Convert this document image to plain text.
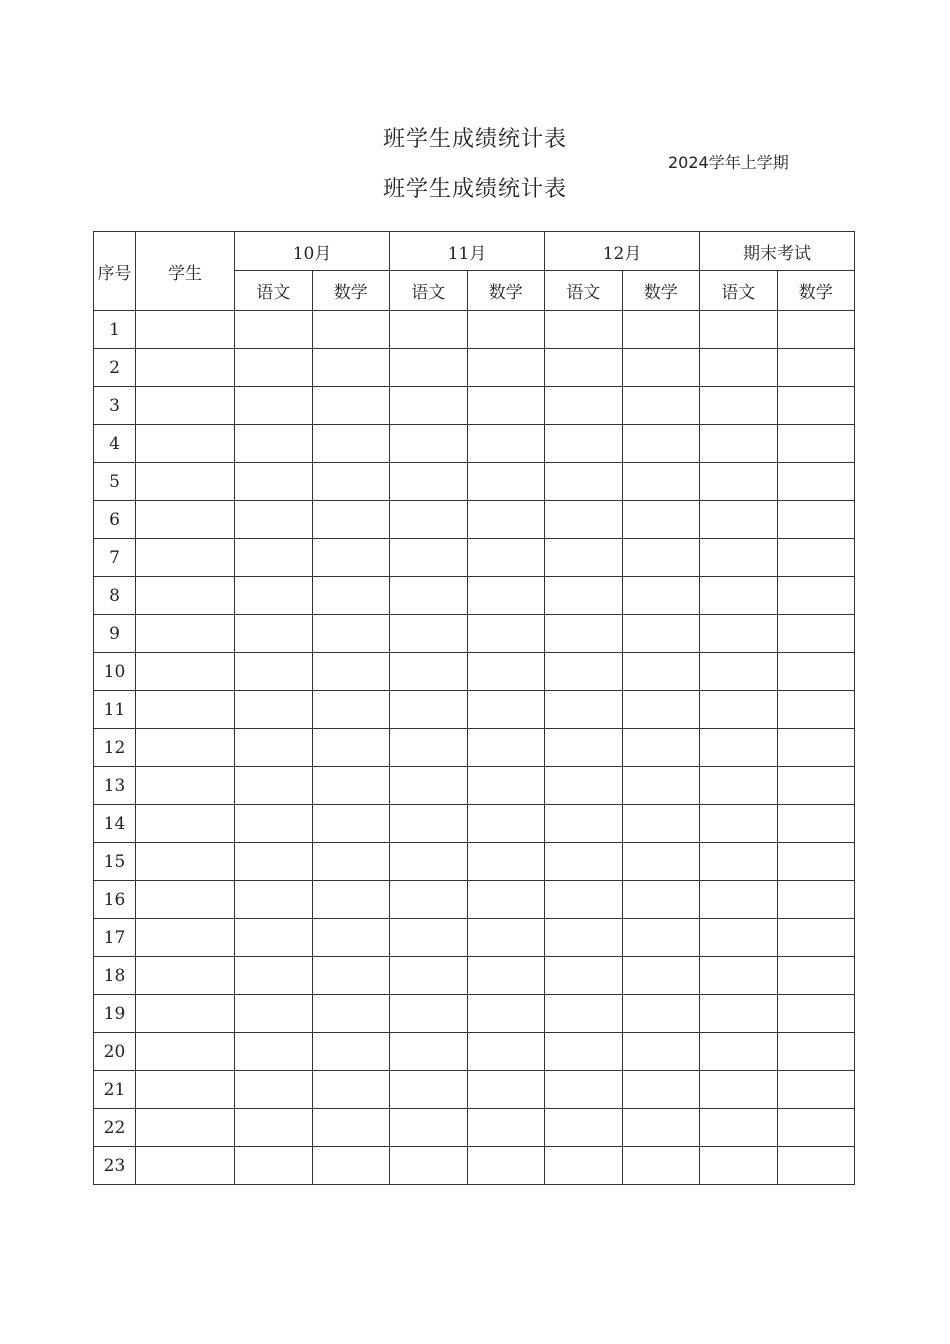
班学生成绩统计表
班学生成绩统计表
2024学年上学期
序号	学生	10月		11月		12月		期末考试	
		语文	数学	语文	数学	语文	数学	语文	数学
1									
2									
3									
4									
5									
6									
7									
8									
9									
10									
11									
12									
13									
14									
15									
16									
17									
18									
19									
20									
21									
22									
23									
